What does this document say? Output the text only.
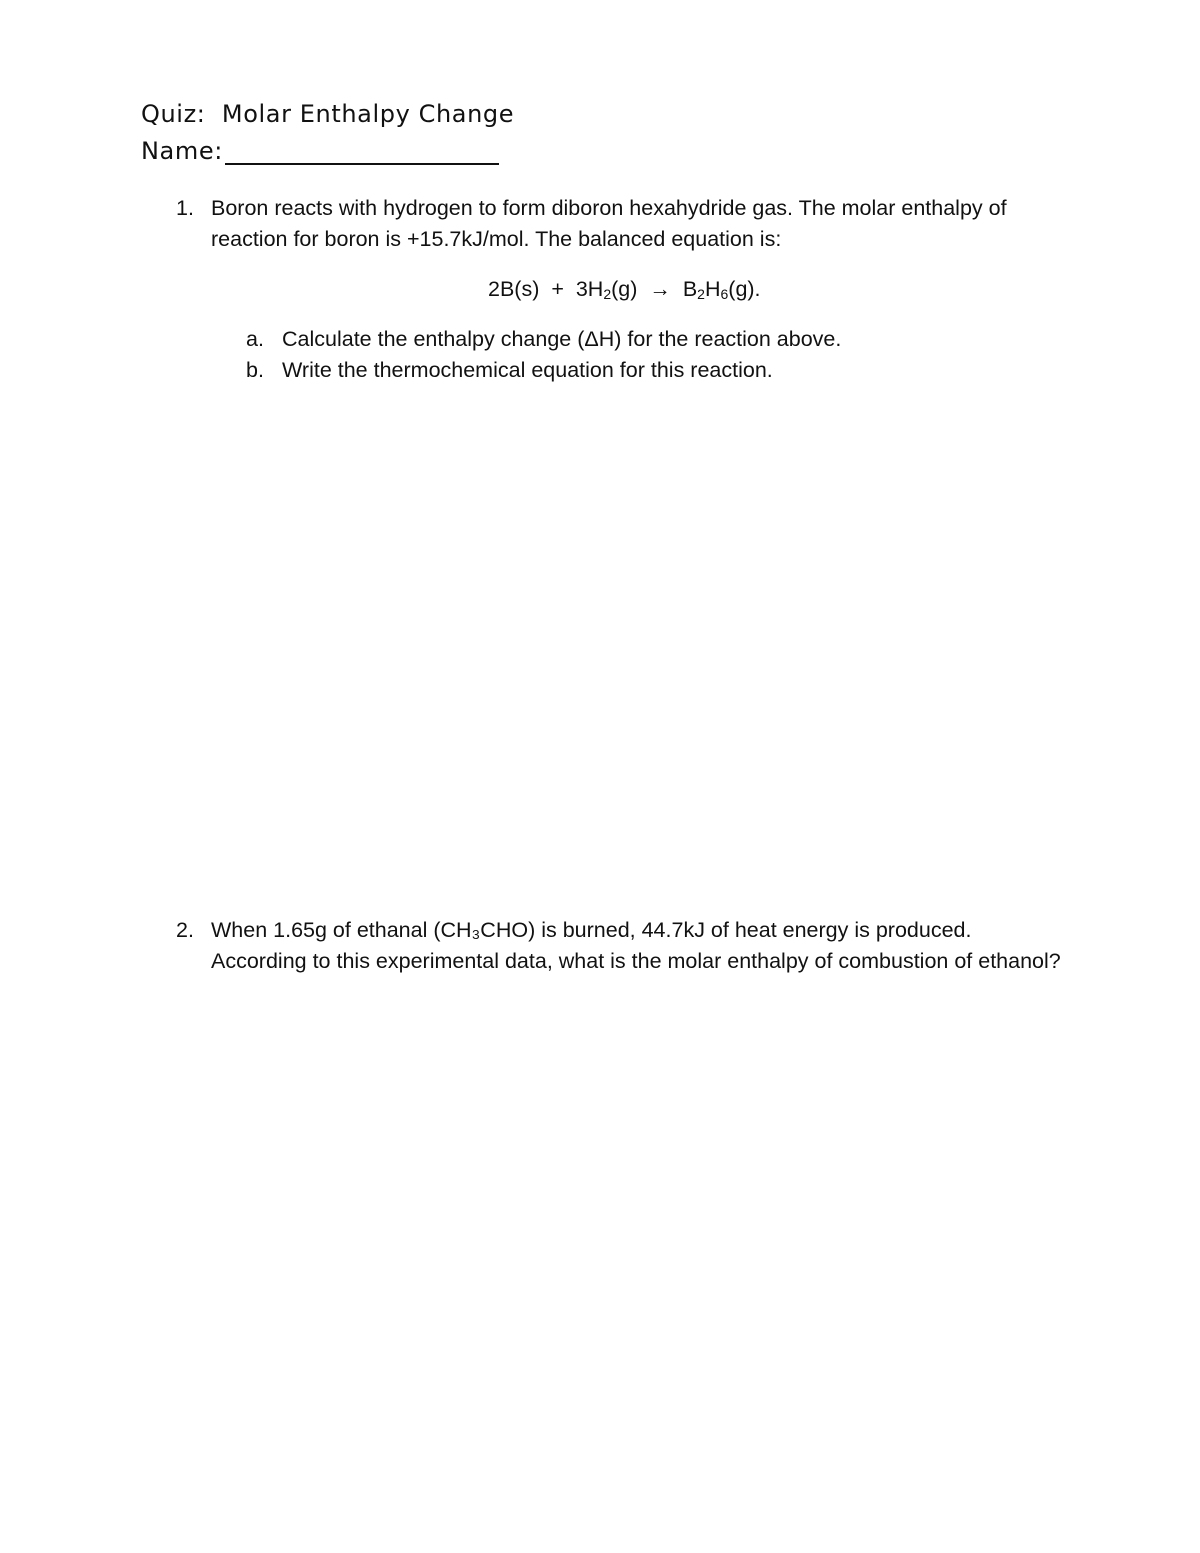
Quiz:  Molar Enthalpy Change
Name:
1. Boron reacts with hydrogen to form diboron hexahydride gas. The molar enthalpy of reaction for boron is +15.7kJ/mol. The balanced equation is:
$2B(s) + 3H_2(g) \to B_2H_6(g)$.

a.

Calculate the enthalpy change (ΔH) for the reaction above.

b.

Write the thermochemical equation for this reaction.

2. When 1.65g of ethanal (CH₃CHO) is burned, 44.7kJ of heat energy is produced. According to this experimental data, what is the molar enthalpy of combustion of ethanol?
